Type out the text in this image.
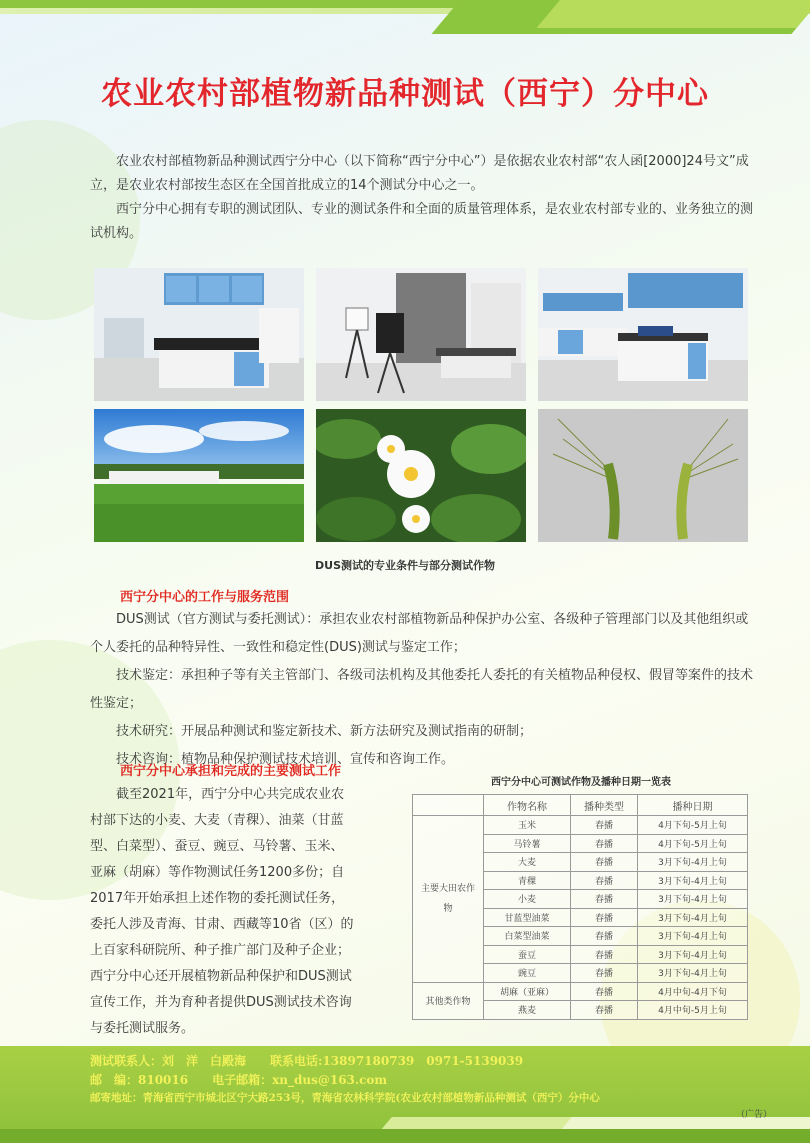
农业农村部植物新品种测试（西宁）分中心

农业农村部植物新品种测试西宁分中心（以下简称“西宁分中心”）是依据农业农村部“农人函[2000]24号文”成立，是农业农村部按生态区在全国首批成立的14个测试分中心之一。

西宁分中心拥有专职的测试团队、专业的测试条件和全面的质量管理体系，是农业农村部专业的、业务独立的测试机构。

DUS测试的专业条件与部分测试作物
西宁分中心的工作与服务范围

DUS测试（官方测试与委托测试）：承担农业农村部植物新品种保护办公室、各级种子管理部门以及其他组织或个人委托的品种特异性、一致性和稳定性(DUS)测试与鉴定工作；

技术鉴定：承担种子等有关主管部门、各级司法机构及其他委托人委托的有关植物品种侵权、假冒等案件的技术性鉴定；

技术研究：开展品种测试和鉴定新技术、新方法研究及测试指南的研制；

技术咨询：植物品种保护测试技术培训、宣传和咨询工作。

西宁分中心承担和完成的主要测试工作
截至2021年，西宁分中心共完成农业农
村部下达的小麦、大麦（青稞）、油菜（甘蓝
型、白菜型）、蚕豆、豌豆、马铃薯、玉米、
亚麻（胡麻）等作物测试任务1200多份；自
2017年开始承担上述作物的委托测试任务，
委托人涉及青海、甘肃、西藏等10省（区）的
上百家科研院所、种子推广部门及种子企业；
西宁分中心还开展植物新品种保护和DUS测试
宣传工作，并为育种者提供DUS测试技术咨询
与委托测试服务。
西宁分中心可测试作物及播种日期一览表
	作物名称	播种类型	播种日期
主要大田农作物	玉米	春播	4月下旬-5月上旬
	马铃薯	春播	4月下旬-5月上旬
	大麦	春播	3月下旬-4月上旬
	青稞	春播	3月下旬-4月上旬
	小麦	春播	3月下旬-4月上旬
	甘蓝型油菜	春播	3月下旬-4月上旬
	白菜型油菜	春播	3月下旬-4月上旬
	蚕豆	春播	3月下旬-4月上旬
	豌豆	春播	3月下旬-4月上旬
其他类作物	胡麻（亚麻）	春播	4月中旬-4月下旬
	燕麦	春播	4月中旬-5月上旬
测试联系人：刘　洋　白殿海　　联系电话:13897180739　0971-5139039
邮　编：810016　　电子邮箱：xn_dus@163.com
邮寄地址：青海省西宁市城北区宁大路253号，青海省农林科学院(农业农村部植物新品种测试（西宁）分中心
（广告）
